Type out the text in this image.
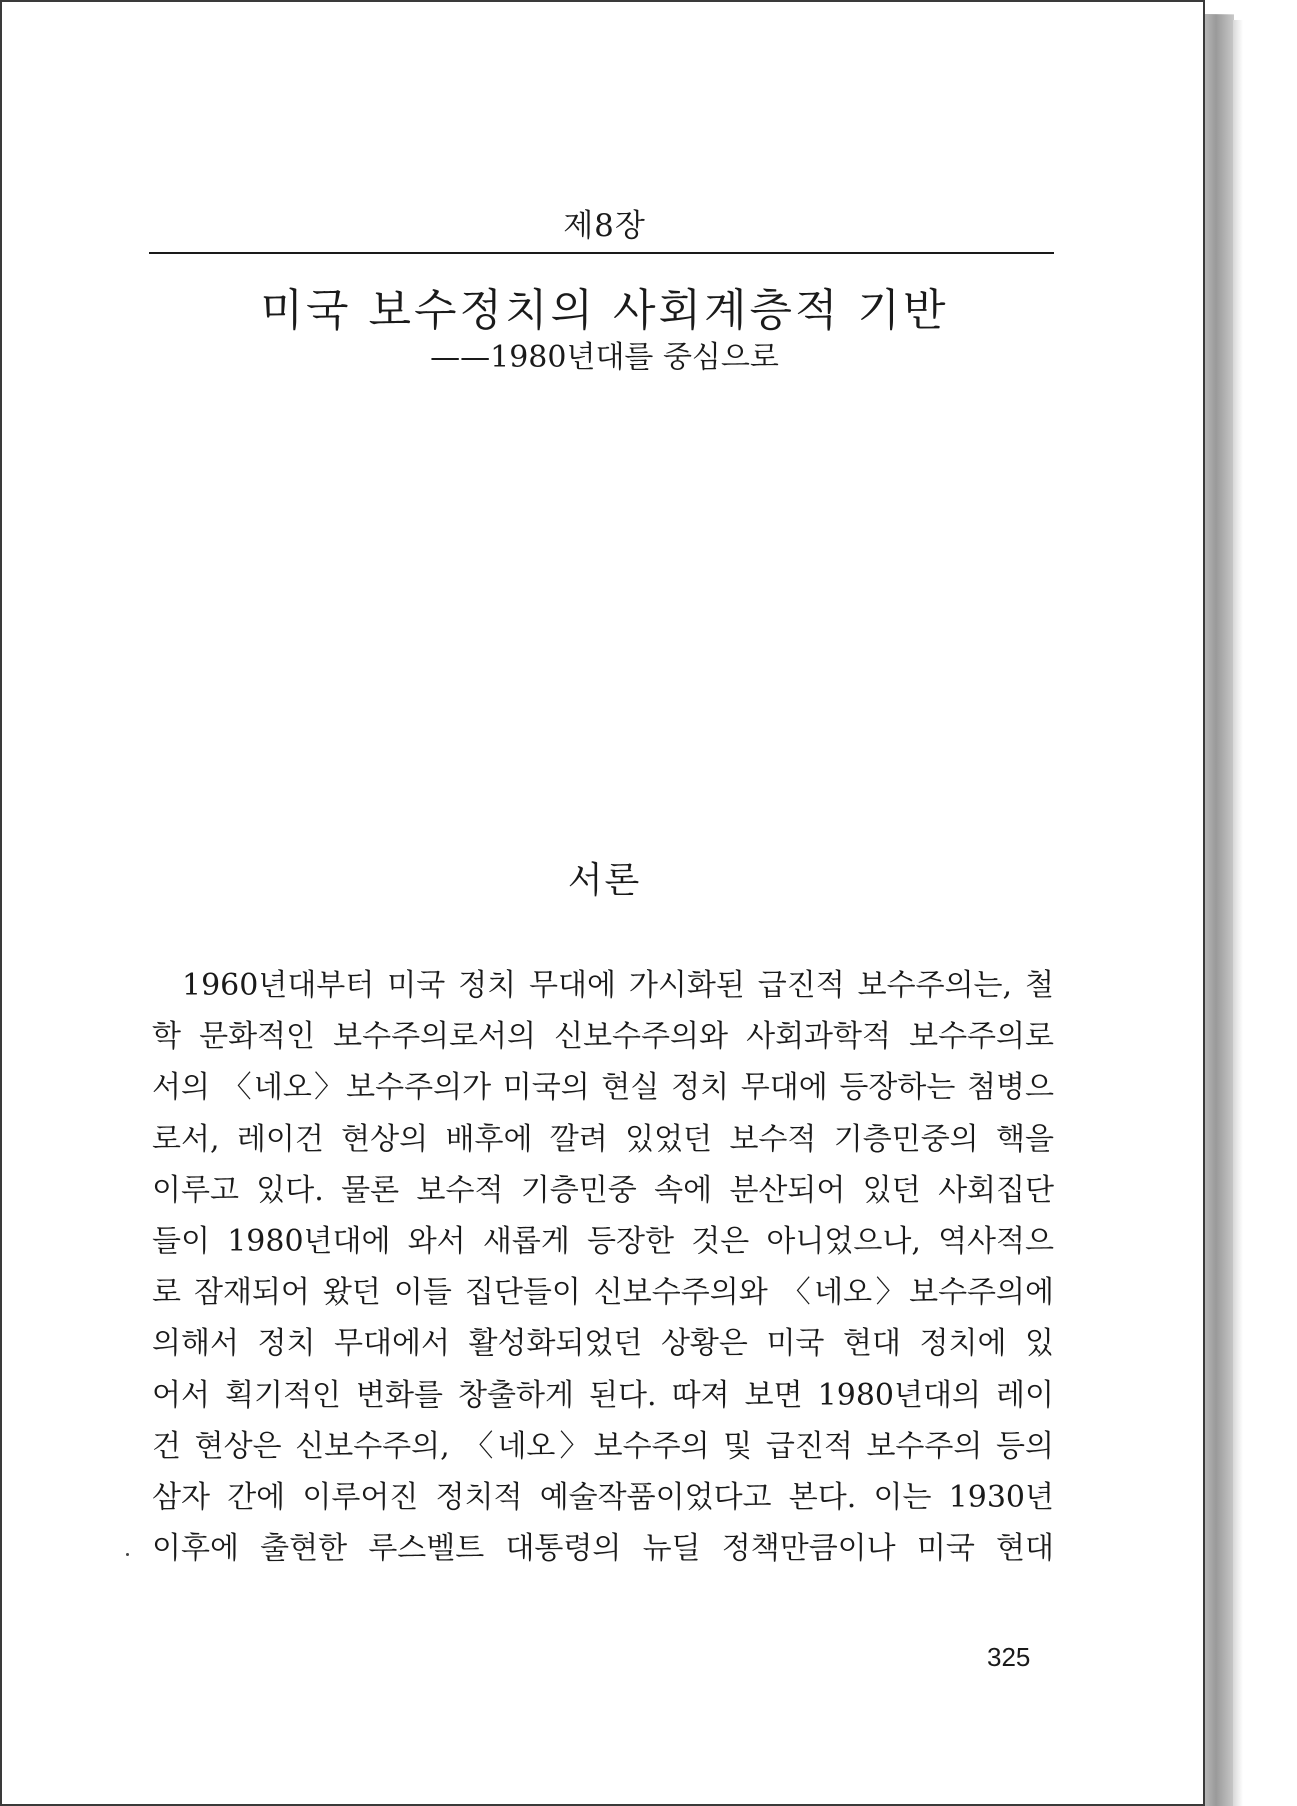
제8장
미국 보수정치의 사회계층적 기반
——1980년대를 중심으로
서론
1960년대부터 미국 정치 무대에 가시화된 급진적 보수주의는, 철
학 문화적인 보수주의로서의 신보수주의와 사회과학적 보수주의로
서의 〈네오〉보수주의가 미국의 현실 정치 무대에 등장하는 첨병으
로서, 레이건 현상의 배후에 깔려 있었던 보수적 기층민중의 핵을
이루고 있다. 물론 보수적 기층민중 속에 분산되어 있던 사회집단
들이 1980년대에 와서 새롭게 등장한 것은 아니었으나, 역사적으
로 잠재되어 왔던 이들 집단들이 신보수주의와 〈네오〉보수주의에
의해서 정치 무대에서 활성화되었던 상황은 미국 현대 정치에 있
어서 획기적인 변화를 창출하게 된다. 따져 보면 1980년대의 레이
건 현상은 신보수주의, 〈네오〉보수주의 및 급진적 보수주의 등의
삼자 간에 이루어진 정치적 예술작품이었다고 본다. 이는 1930년
이후에 출현한 루스벨트 대통령의 뉴딜 정책만큼이나 미국 현대
325
